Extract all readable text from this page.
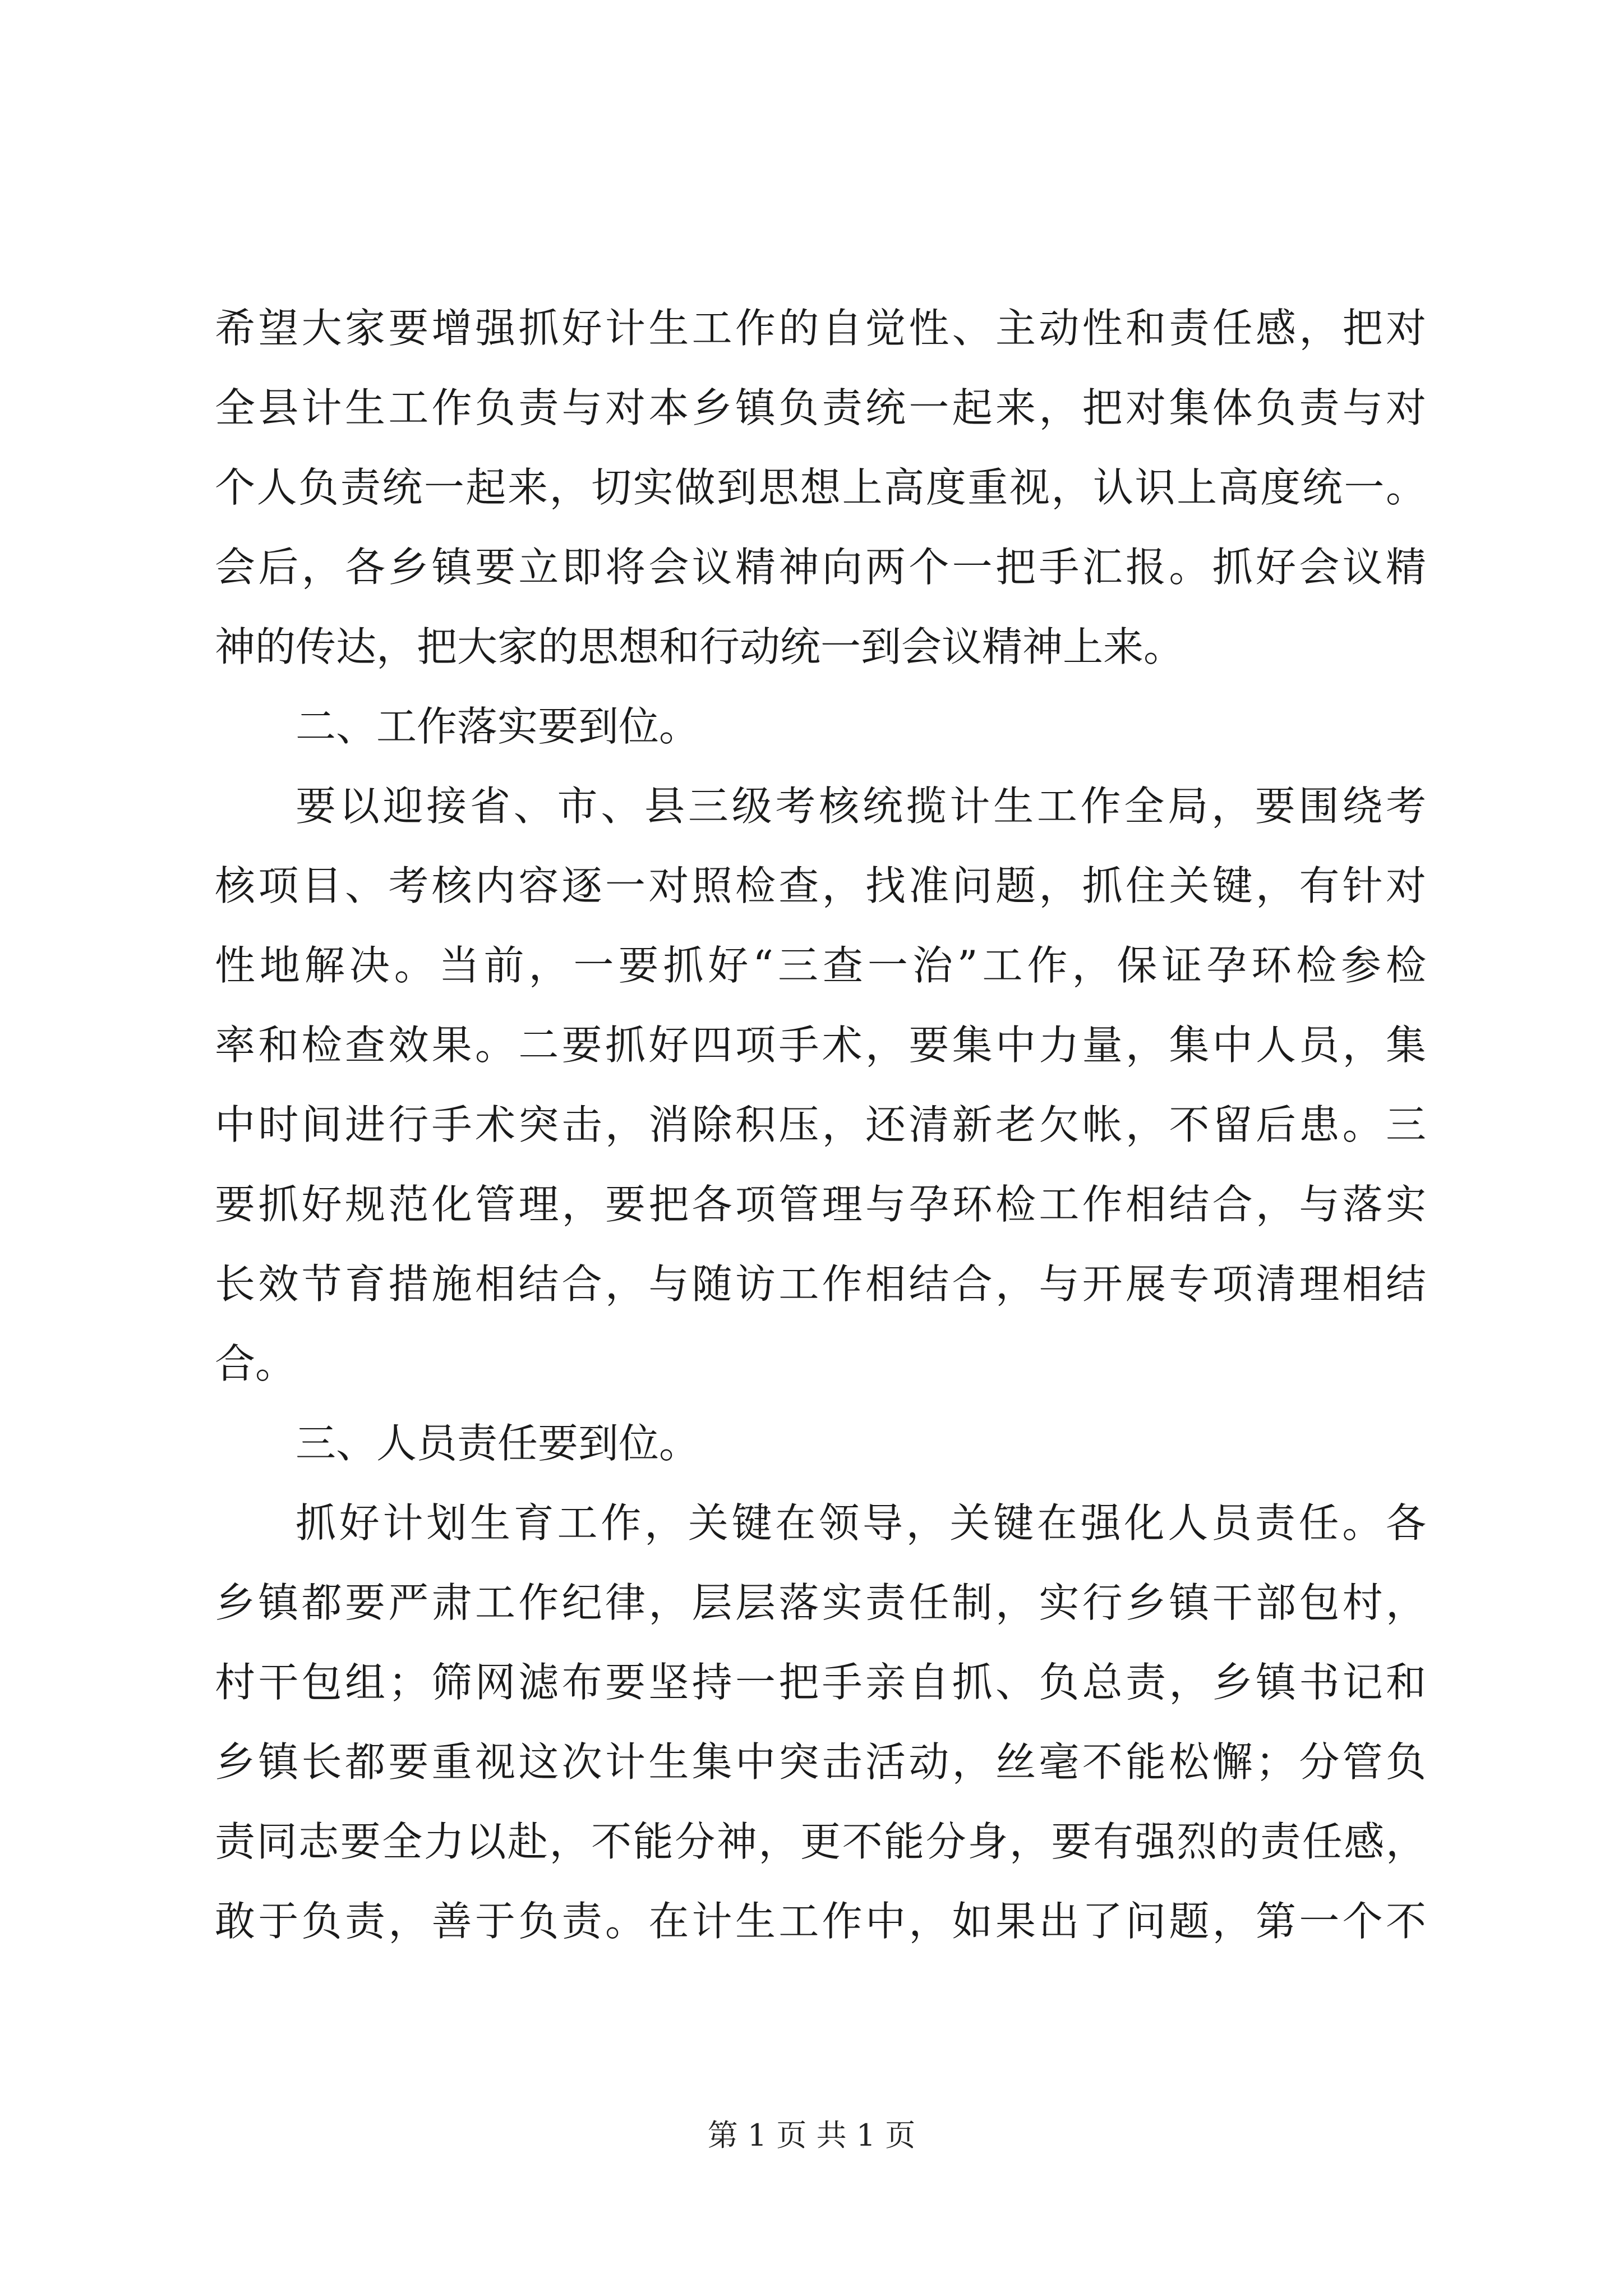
希望大家要增强抓好计生工作的自觉性、主动性和责任感，把对
全县计生工作负责与对本乡镇负责统一起来，把对集体负责与对
个人负责统一起来，切实做到思想上高度重视，认识上高度统一。
会后，各乡镇要立即将会议精神向两个一把手汇报。抓好会议精
神的传达，把大家的思想和行动统一到会议精神上来。
二、工作落实要到位。
要以迎接省、市、县三级考核统揽计生工作全局，要围绕考
核项目、考核内容逐一对照检查，找准问题，抓住关键，有针对
性地解决。当前，一要抓好“三查一治”工作，保证孕环检参检
率和检查效果。二要抓好四项手术，要集中力量，集中人员，集
中时间进行手术突击，消除积压，还清新老欠帐，不留后患。三
要抓好规范化管理，要把各项管理与孕环检工作相结合，与落实
长效节育措施相结合，与随访工作相结合，与开展专项清理相结
合。
三、人员责任要到位。
抓好计划生育工作，关键在领导，关键在强化人员责任。各
乡镇都要严肃工作纪律，层层落实责任制，实行乡镇干部包村，
村干包组；筛网滤布要坚持一把手亲自抓、负总责，乡镇书记和
乡镇长都要重视这次计生集中突击活动，丝毫不能松懈；分管负
责同志要全力以赴，不能分神，更不能分身，要有强烈的责任感，
敢于负责，善于负责。在计生工作中，如果出了问题，第一个不
第 1 页 共 1 页
